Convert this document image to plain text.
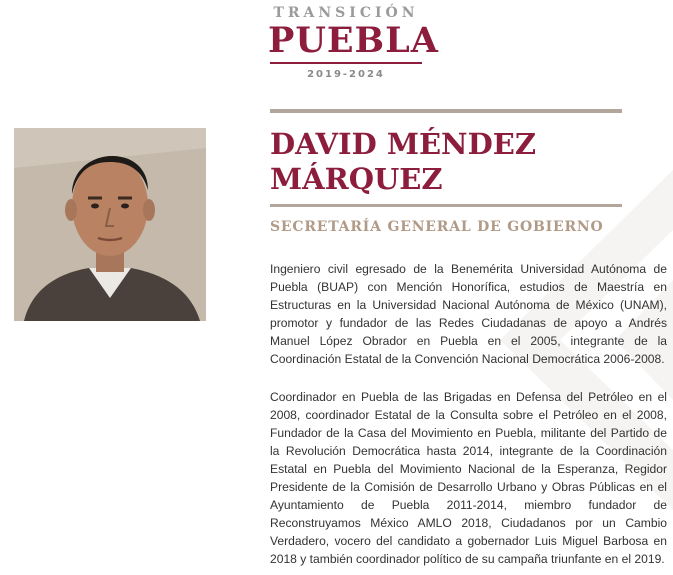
TRANSICIÓN
PUEBLA
2019-2024
DAVID MÉNDEZ
MÁRQUEZ
SECRETARÍA GENERAL DE GOBIERNO

Ingeniero civil egresado de la Benemérita Universidad Autónoma de Puebla (BUAP) con Mención Honorífica, estudios de Maestría en Estructuras en la Universidad Nacional Autónoma de México (UNAM), promotor y fundador de las Redes Ciudadanas de apoyo a Andrés Manuel López Obrador en Puebla en el 2005, integrante de la Coordinación Estatal de la Convención Nacional Democrática 2006-2008.

Coordinador en Puebla de las Brigadas en Defensa del Petróleo en el 2008, coordinador Estatal de la Consulta sobre el Petróleo en el 2008, Fundador de la Casa del Movimiento en Puebla, militante del Partido de la Revolución Democrática hasta 2014, integrante de la Coordinación Estatal en Puebla del Movimiento Nacional de la Esperanza, Regidor Presidente de la Comisión de Desarrollo Urbano y Obras Públicas en el Ayuntamiento de Puebla 2011-2014, miembro fundador de Reconstruyamos México AMLO 2018, Ciudadanos por un Cambio Verdadero, vocero del candidato a gobernador Luis Miguel Barbosa en 2018 y también coordinador político de su campaña triunfante en el 2019.
